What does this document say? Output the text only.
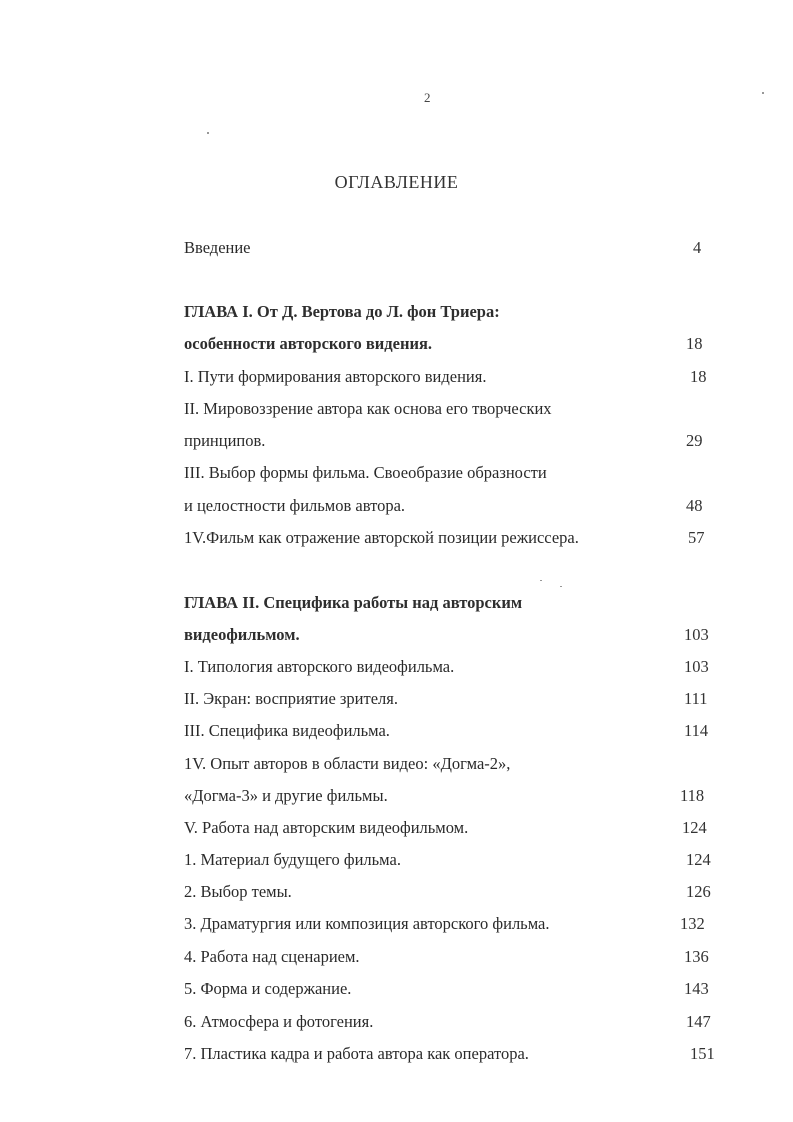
2
ОГЛАВЛЕНИЕ
Введение	4
ГЛАВА I. От Д. Вертова до Л. фон Триера:
особенности авторского видения.	18
I. Пути формирования авторского видения.	18
II. Мировоззрение автора как основа его творческих
принципов.	29
III. Выбор формы фильма. Своеобразие образности
и целостности фильмов автора.	48
1V.Фильм как отражение авторской позиции режиссера.	57
ГЛАВА II. Специфика работы над авторским
видеофильмом.	103
I. Типология авторского видеофильма.	103
II. Экран: восприятие зрителя.	111
III. Специфика видеофильма.	114
1V. Опыт авторов в области видео: «Догма-2»,
«Догма-3» и другие фильмы.	118
V. Работа над авторским видеофильмом.	124
1. Материал будущего фильма.	124
2. Выбор темы.	126
3. Драматургия или композиция авторского фильма.	132
4. Работа над сценарием.	136
5. Форма и содержание.	143
6. Атмосфера и фотогения.	147
7. Пластика кадра и работа автора как оператора.	151
